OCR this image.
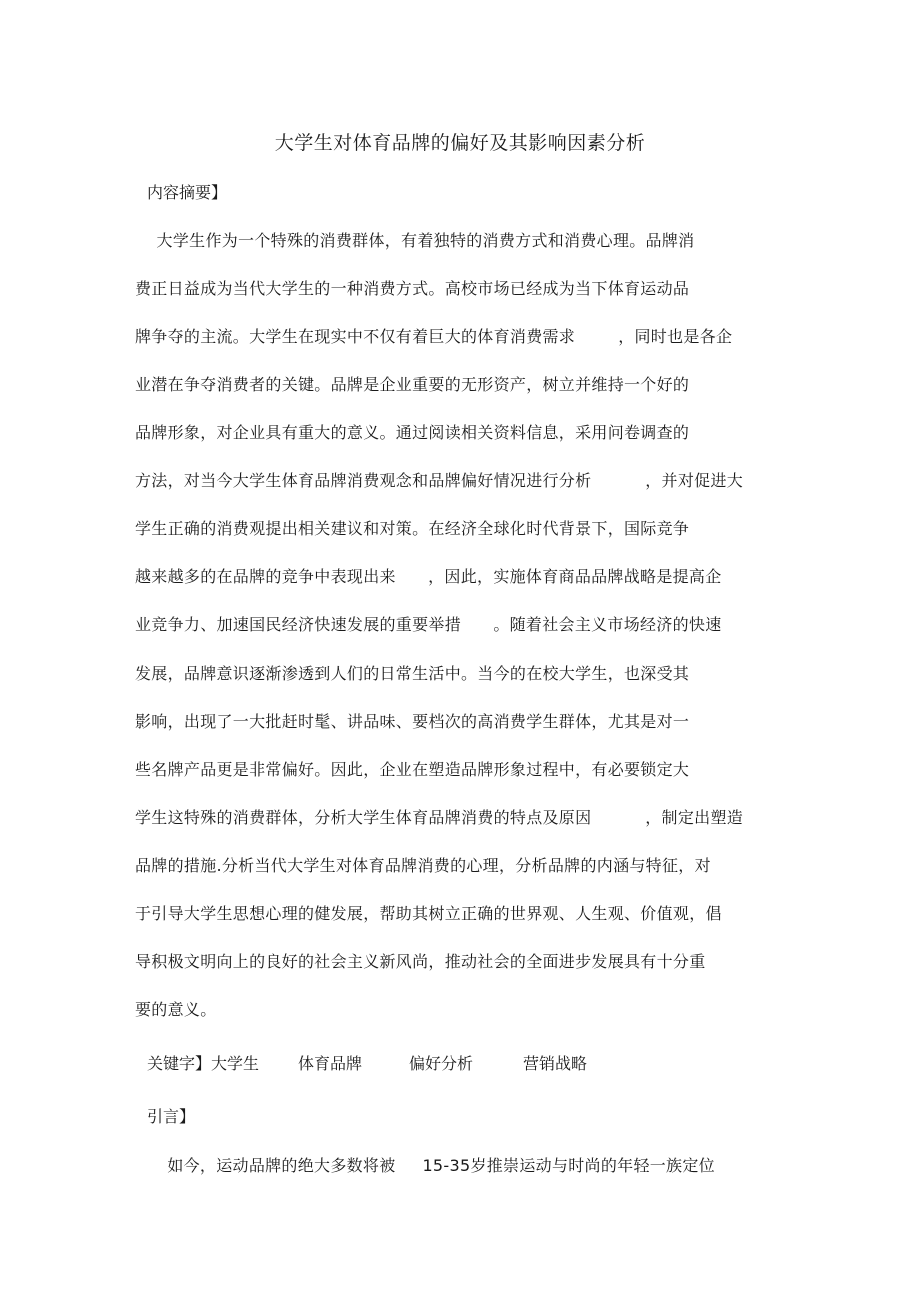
大学生对体育品牌的偏好及其影响因素分析
内容摘要】
大学生作为一个特殊的消费群体，有着独特的消费方式和消费心理。品牌消
费正日益成为当代大学生的一种消费方式。高校市场已经成为当下体育运动品
牌争夺的主流。大学生在现实中不仅有着巨大的体育消费需求        ，同时也是各企
业潜在争夺消费者的关键。品牌是企业重要的无形资产，树立并维持一个好的
品牌形象，对企业具有重大的意义。通过阅读相关资料信息，采用问卷调查的
方法，对当今大学生体育品牌消费观念和品牌偏好情况进行分析          ，并对促进大
学生正确的消费观提出相关建议和对策。在经济全球化时代背景下，国际竞争
越来越多的在品牌的竞争中表现出来      ，因此，实施体育商品品牌战略是提高企
业竞争力、加速国民经济快速发展的重要举措      。随着社会主义市场经济的快速
发展，品牌意识逐渐渗透到人们的日常生活中。当今的在校大学生，也深受其
影响，出现了一大批赶时髦、讲品味、要档次的高消费学生群体，尤其是对一
些名牌产品更是非常偏好。因此，企业在塑造品牌形象过程中，有必要锁定大
学生这特殊的消费群体，分析大学生体育品牌消费的特点及原因          ，制定出塑造
品牌的措施.分析当代大学生对体育品牌消费的心理，分析品牌的内涵与特征，对
于引导大学生思想心理的健发展，帮助其树立正确的世界观、人生观、价值观，倡
导积极文明向上的良好的社会主义新风尚，推动社会的全面进步发展具有十分重
要的意义。
关键字】大学生 体育品牌	偏好分析	营销战略
引言】
如今，运动品牌的绝大多数将被     15-35岁推崇运动与时尚的年轻一族定位
